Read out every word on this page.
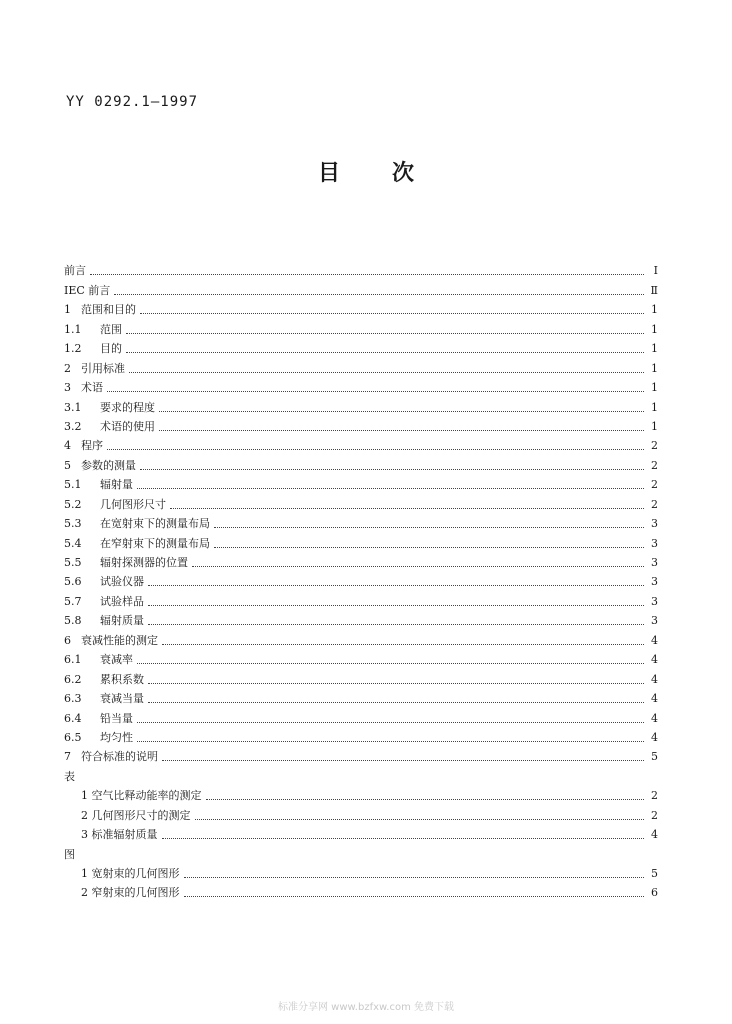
YY 0292.1—1997
目 次
前言	Ⅰ
IEC 前言	Ⅱ
1 范围和目的	1
1.1	范围	1
1.2	目的	1
2 引用标准	1
3 术语	1
3.1	要求的程度	1
3.2	术语的使用	1
4 程序	2
5 参数的测量	2
5.1	辐射量	2
5.2	几何图形尺寸	2
5.3	在宽射束下的测量布局	3
5.4	在窄射束下的测量布局	3
5.5	辐射探测器的位置	3
5.6	试验仪器	3
5.7	试验样品	3
5.8	辐射质量	3
6 衰减性能的测定	4
6.1	衰减率	4
6.2	累积系数	4
6.3	衰减当量	4
6.4	铅当量	4
6.5	均匀性	4
7 符合标准的说明	5
表
1 空气比释动能率的测定	2
2 几何图形尺寸的测定	2
3 标准辐射质量	4
图
1 宽射束的几何图形	5
2 窄射束的几何图形	6
标准分享网 www.bzfxw.com 免费下载
